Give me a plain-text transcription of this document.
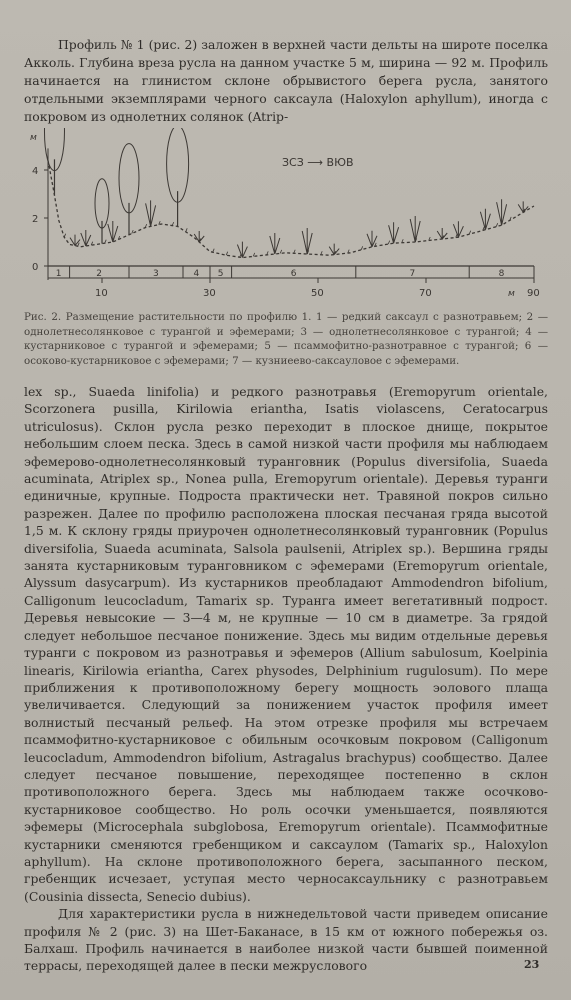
Профиль № 1 (рис. 2) заложен в верхней части дельты на широте поселка Акколь. Глубина вреза русла на данном участке 5 м, ширина — 92 м. Профиль начинается на глинистом склоне обрывистого берега русла, занятого отдельными экземплярами черного саксаула (Haloxylon aphyllum), иногда с покровом из однолетних солянок (Atrip-

ЗСЗ ⟶ ВЮВ
м
4
2
0
1	2	3	4 5	6	7	8
10	30	50	70	90
м

Рис. 2. Размещение растительности по профилю 1. 1 — редкий саксаул с разнотравьем; 2 — однолетнесолянковое с турангой и эфемерами; 3 — однолетнесолянковое с турангой; 4 — кустарниковое с турангой и эфемерами; 5 — псаммофитно-разнотравное с турангой; 6 — осоково-кустарниковое с эфемерами; 7 — кузниеево-саксауловое с эфемерами.

lex sp., Suaeda linifolia) и редкого разнотравья (Eremopyrum orientale, Scorzonera pusilla, Kirilowia eriantha, Isatis violascens, Ceratocarpus utriculosus). Склон русла резко переходит в плоское днище, покрытое небольшим слоем песка. Здесь в самой низкой части профиля мы наблюдаем эфемерово-однолетнесолянковый туранговник (Populus diversifolia, Suaeda acuminata, Atriplex sp., Nonea pulla, Eremopyrum orientale). Деревья туранги единичные, крупные. Подроста практически нет. Травяной покров сильно разрежен. Далее по профилю расположена плоская песчаная гряда высотой 1,5 м. К склону гряды приурочен однолетнесолянковый туранговник (Populus diversifolia, Suaeda acuminata, Salsola paulsenii, Atriplex sp.). Вершина гряды занята кустарниковым туранговником с эфемерами (Eremopyrum orientale, Alyssum dasycarpum). Из кустарников преобладают Ammodendron bifolium, Calligonum leucocladum, Tamarix sp. Туранга имеет вегетативный подрост. Деревья невысокие — 3—4 м, не крупные — 10 см в диаметре. За грядой следует небольшое песчаное понижение. Здесь мы видим отдельные деревья туранги с покровом из разнотравья и эфемеров (Allium sabulosum, Koelpinia linearis, Kirilowia eriantha, Carex physodes, Delphinium rugulosum). По мере приближения к противоположному берегу мощность эолового плаща увеличивается. Следующий за понижением участок профиля имеет волнистый песчаный рельеф. На этом отрезке профиля мы встречаем псаммофитно-кустарниковое с обильным осочковым покровом (Calligonum leucocladum, Ammodendron bifolium, Astragalus brachypus) сообщество. Далее следует песчаное повышение, переходящее постепенно в склон противоположного берега. Здесь мы наблюдаем также осочково-кустарниковое сообщество. Но роль осочки уменьшается, появляются эфемеры (Microcephala subglobosa, Eremopyrum orientale). Псаммофитные кустарники сменяются гребенщиком и саксаулом (Tamarix sp., Haloxylon aphyllum). На склоне противоположного берега, засыпанного песком, гребенщик исчезает, уступая место черносаксаульнику с разнотравьем (Cousinia dissecta, Senecio dubius).

Для характеристики русла в нижнедельтовой части приведем описание профиля № 2 (рис. 3) на Шет-Баканасе, в 15 км от южного побережья оз. Балхаш. Профиль начинается в наиболее низкой части бывшей поименной террасы, переходящей далее в пески межруслового	23
